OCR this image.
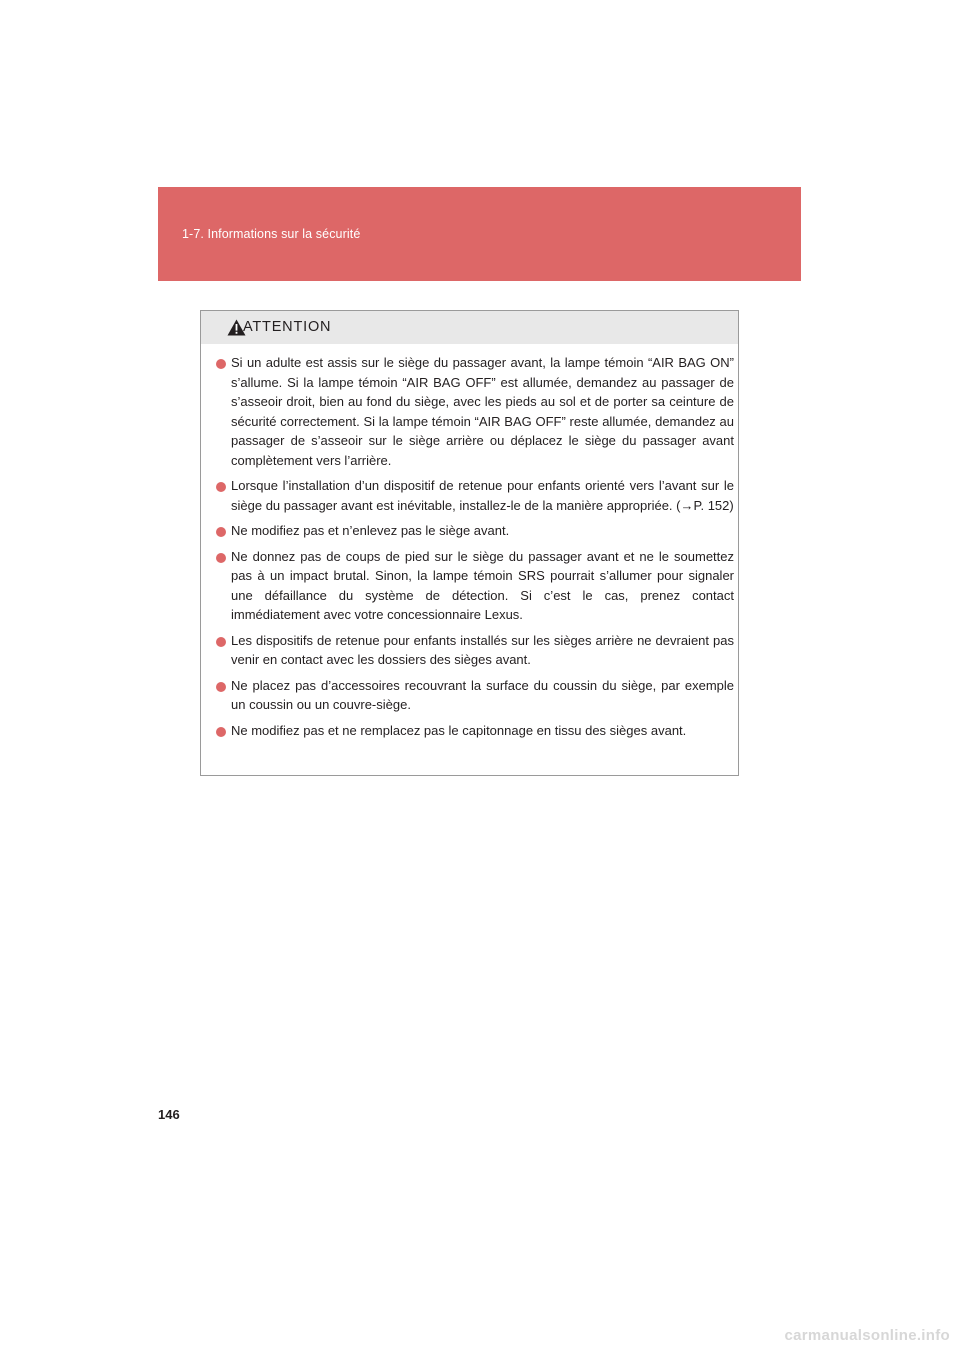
1-7. Informations sur la sécurité
ATTENTION
Si un adulte est assis sur le siège du passager avant, la lampe témoin “AIR BAG ON” s’allume. Si la lampe témoin “AIR BAG OFF” est allumée, demandez au passager de s’asseoir droit, bien au fond du siège, avec les pieds au sol et de porter sa ceinture de sécurité correctement. Si la lampe témoin “AIR BAG OFF” reste allumée, demandez au passager de s’asseoir sur le siège arrière ou déplacez le siège du passager avant complètement vers l’arrière.
Lorsque l’installation d’un dispositif de retenue pour enfants orienté vers l’avant sur le siège du passager avant est inévitable, installez-le de la manière appropriée. (→P. 152)
Ne modifiez pas et n’enlevez pas le siège avant.
Ne donnez pas de coups de pied sur le siège du passager avant et ne le soumettez pas à un impact brutal. Sinon, la lampe témoin SRS pourrait s’allumer pour signaler une défaillance du système de détection. Si c’est le cas, prenez contact immédiatement avec votre concessionnaire Lexus.
Les dispositifs de retenue pour enfants installés sur les sièges arrière ne devraient pas venir en contact avec les dossiers des sièges avant.
Ne placez pas d’accessoires recouvrant la surface du coussin du siège, par exemple un coussin ou un couvre-siège.
Ne modifiez pas et ne remplacez pas le capitonnage en tissu des sièges avant.
146
carmanualsonline.info
